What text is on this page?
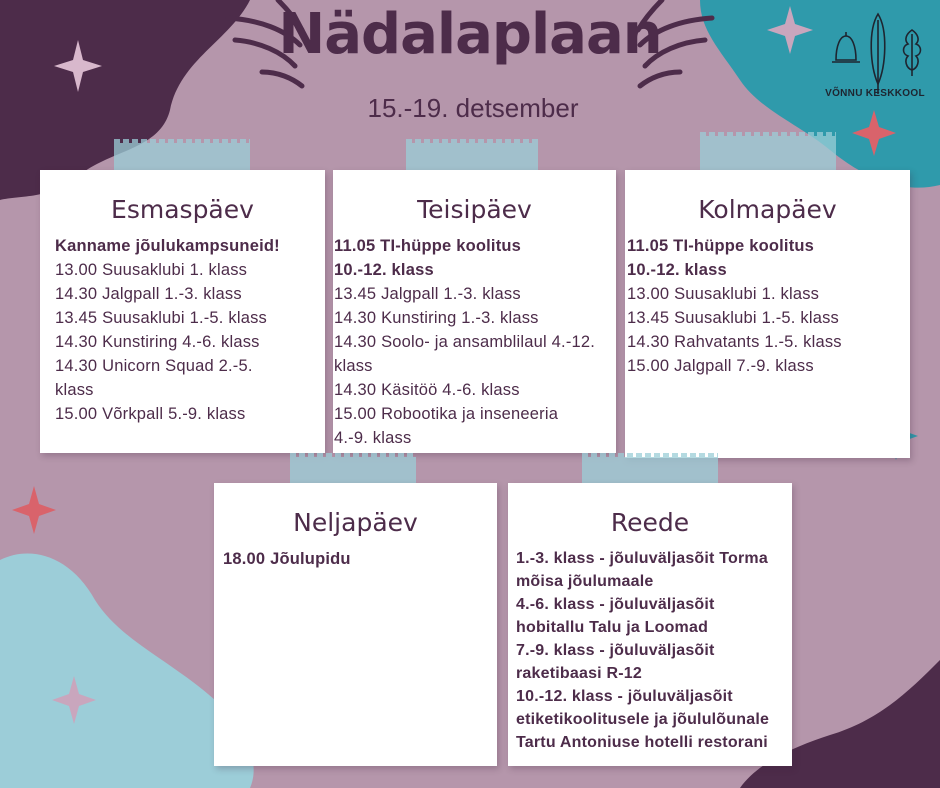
Nädalaplaan
15.-19. detsember	VÕNNU KESKKOOL
Esmaspäev
Kanname jõulukampsuneid!
13.00 Suusaklubi 1. klass
14.30 Jalgpall 1.-3. klass
13.45 Suusaklubi 1.-5. klass
14.30 Kunstiring 4.-6. klass
14.30 Unicorn Squad 2.-5.
klass
15.00 Võrkpall 5.-9. klass
Teisipäev
11.05 TI-hüppe koolitus
10.-12. klass
13.45 Jalgpall 1.-3. klass
14.30 Kunstiring 1.-3. klass
14.30 Soolo- ja ansamblilaul 4.-12.
klass
14.30 Käsitöö 4.-6. klass
15.00 Robootika ja inseneeria
4.-9. klass
Kolmapäev
11.05 TI-hüppe koolitus
10.-12. klass
13.00 Suusaklubi 1. klass
13.45 Suusaklubi 1.-5. klass
14.30 Rahvatants 1.-5. klass
15.00 Jalgpall 7.-9. klass
Neljapäev
18.00 Jõulupidu
Reede
1.-3. klass - jõuluväljasõit Torma
mõisa jõulumaale
4.-6. klass - jõuluväljasõit
hobitallu Talu ja Loomad
7.-9. klass - jõuluväljasõit
raketibaasi R-12
10.-12. klass - jõuluväljasõit
etiketikoolitusele ja jõululõunale
Tartu Antoniuse hotelli restorani
